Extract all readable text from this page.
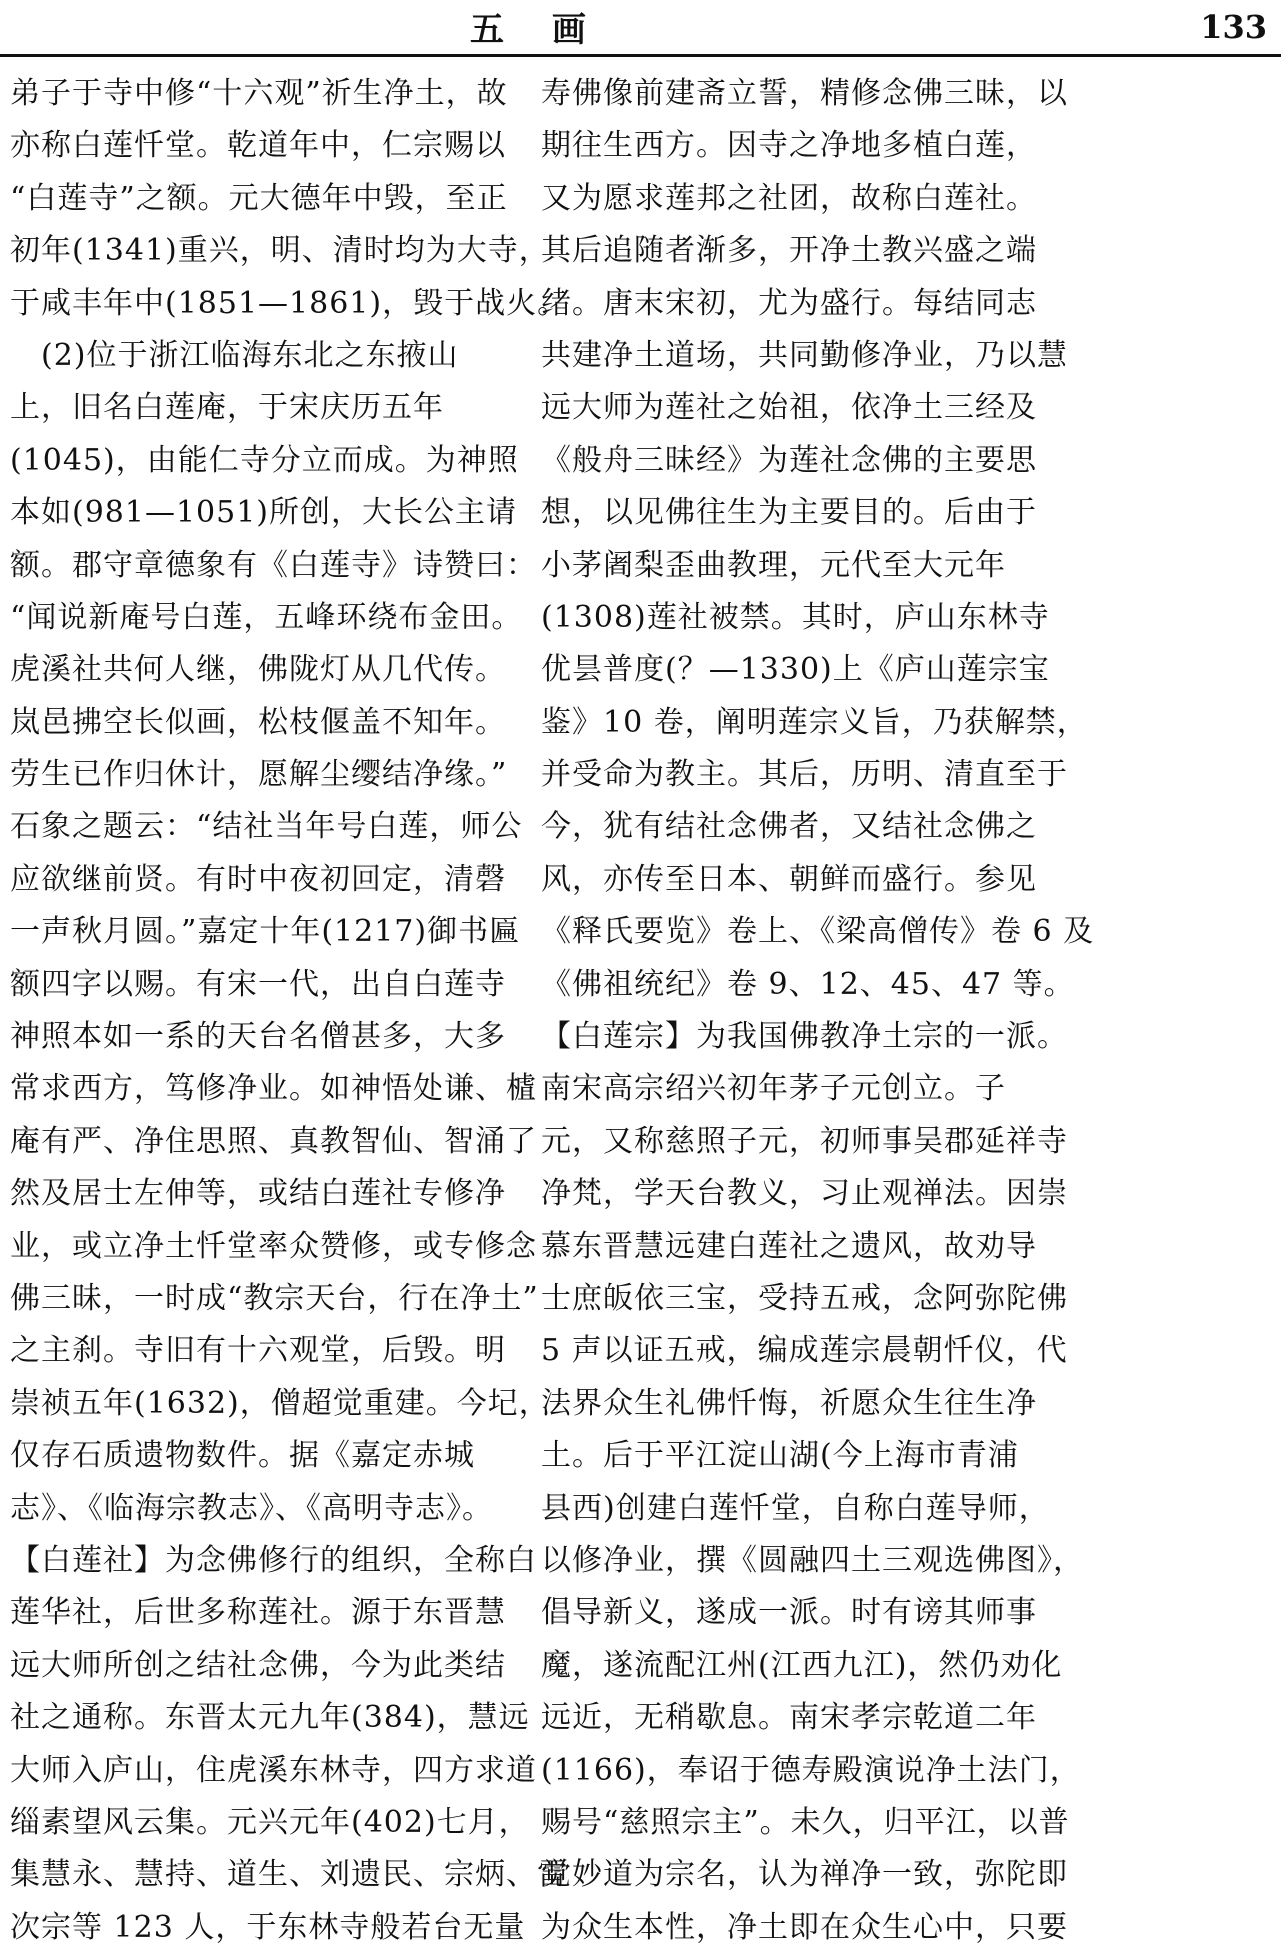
五 画	133
弟子于寺中修“十六观”祈生净土，故
亦称白莲忏堂。乾道年中，仁宗赐以
“白莲寺”之额。元大德年中毁，至正
初年(1341)重兴，明、清时均为大寺，
于咸丰年中(1851—1861)，毁于战火。
　(2)位于浙江临海东北之东掖山
上，旧名白莲庵，于宋庆历五年
(1045)，由能仁寺分立而成。为神照
本如(981—1051)所创，大长公主请
额。郡守章德象有《白莲寺》诗赞曰：
“闻说新庵号白莲，五峰环绕布金田。
虎溪社共何人继，佛陇灯从几代传。
岚邑拂空长似画，松枝偃盖不知年。
劳生已作归休计，愿解尘缨结净缘。”
石象之题云：“结社当年号白莲，师公
应欲继前贤。有时中夜初回定，清磬
一声秋月圆。”嘉定十年(1217)御书匾
额四字以赐。有宋一代，出自白莲寺
神照本如一系的天台名僧甚多，大多
常求西方，笃修净业。如神悟处谦、樝
庵有严、净住思照、真教智仙、智涌了
然及居士左伸等，或结白莲社专修净
业，或立净土忏堂率众赞修，或专修念
佛三昧，一时成“教宗天台，行在净土”
之主刹。寺旧有十六观堂，后毁。明
崇祯五年(1632)，僧超觉重建。今圮，
仅存石质遗物数件。据《嘉定赤城
志》、《临海宗教志》、《高明寺志》。
【白莲社】为念佛修行的组织，全称白
莲华社，后世多称莲社。源于东晋慧
远大师所创之结社念佛，今为此类结
社之通称。东晋太元九年(384)，慧远
大师入庐山，住虎溪东林寺，四方求道
缁素望风云集。元兴元年(402)七月，
集慧永、慧持、道生、刘遗民、宗炳、雷
次宗等 123 人，于东林寺般若台无量
寿佛像前建斋立誓，精修念佛三昧，以
期往生西方。因寺之净地多植白莲，
又为愿求莲邦之社团，故称白莲社。
其后追随者渐多，开净土教兴盛之端
绪。唐末宋初，尤为盛行。每结同志
共建净土道场，共同勤修净业，乃以慧
远大师为莲社之始祖，依净土三经及
《般舟三昧经》为莲社念佛的主要思
想，以见佛往生为主要目的。后由于
小茅阇梨歪曲教理，元代至大元年
(1308)莲社被禁。其时，庐山东林寺
优昙普度(？—1330)上《庐山莲宗宝
鉴》10 卷，阐明莲宗义旨，乃获解禁，
并受命为教主。其后，历明、清直至于
今，犹有结社念佛者，又结社念佛之
风，亦传至日本、朝鲜而盛行。参见
《释氏要览》卷上、《梁高僧传》卷 6 及
《佛祖统纪》卷 9、12、45、47 等。
【白莲宗】为我国佛教净土宗的一派。
南宋高宗绍兴初年茅子元创立。子
元，又称慈照子元，初师事吴郡延祥寺
净梵，学天台教义，习止观禅法。因崇
慕东晋慧远建白莲社之遗风，故劝导
士庶皈依三宝，受持五戒，念阿弥陀佛
5 声以证五戒，编成莲宗晨朝忏仪，代
法界众生礼佛忏悔，祈愿众生往生净
土。后于平江淀山湖(今上海市青浦
县西)创建白莲忏堂，自称白莲导师，
以修净业，撰《圆融四土三观选佛图》，
倡导新义，遂成一派。时有谤其师事
魔，遂流配江州(江西九江)，然仍劝化
远近，无稍歇息。南宋孝宗乾道二年
(1166)，奉诏于德寿殿演说净土法门，
赐号“慈照宗主”。未久，归平江，以普
觉妙道为宗名，认为禅净一致，弥陀即
为众生本性，净土即在众生心中，只要
